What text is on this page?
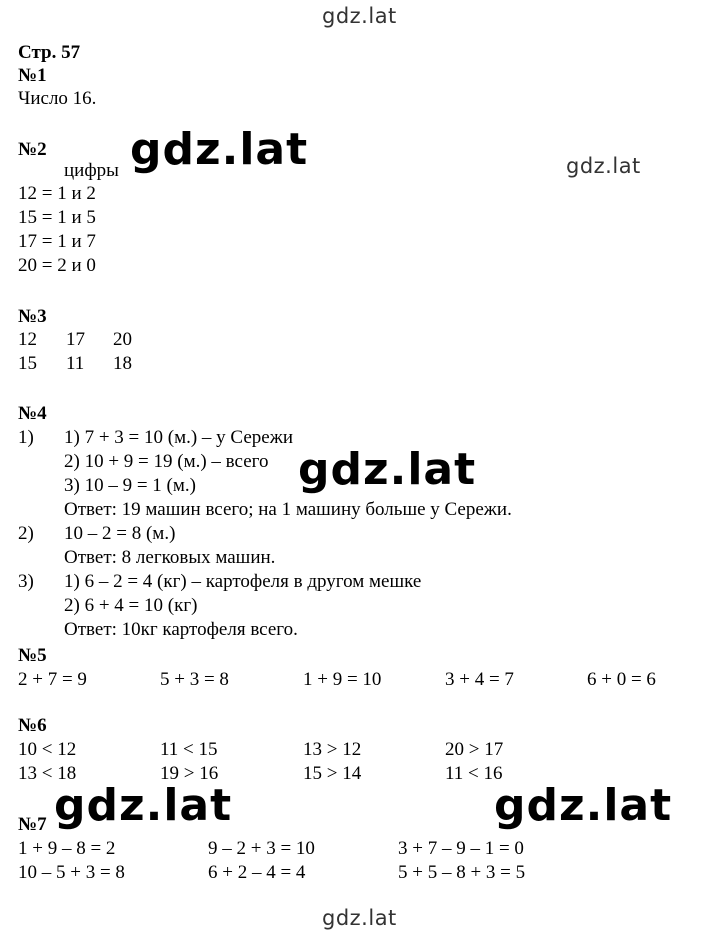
gdz.lat
gdz.lat
gdz.lat
Стр. 57
№1
Число 16.
№2
цифры
12 = 1 и 2
15 = 1 и 5
17 = 1 и 7
20 = 2 и 0
№3
12 17 20
15 11 18
№4
1) 1) 7 + 3 = 10 (м.) – у Сережи
2) 10 + 9 = 19 (м.) – всего
3) 10 – 9 = 1 (м.)
Ответ: 19 машин всего; на 1 машину больше у Сережи.
2) 10 – 2 = 8 (м.)
Ответ: 8 легковых машин.
3) 1) 6 – 2 = 4 (кг) – картофеля в другом мешке
2) 6 + 4 = 10 (кг)
Ответ: 10кг картофеля всего.
№5
2 + 7 = 9	5 + 3 = 8	1 + 9 = 10	3 + 4 = 7	6 + 0 = 6
№6
10 < 12	11 < 15	13 > 12	20 > 17
13 < 18	19 > 16	15 > 14	11 < 16
№7
1 + 9 – 8 = 2	9 – 2 + 3 = 10	3 + 7 – 9 – 1 = 0
10 – 5 + 3 = 8	6 + 2 – 4 = 4	5 + 5 – 8 + 3 = 5
gdz.lat
gdz.lat
gdz.lat	gdz.lat
